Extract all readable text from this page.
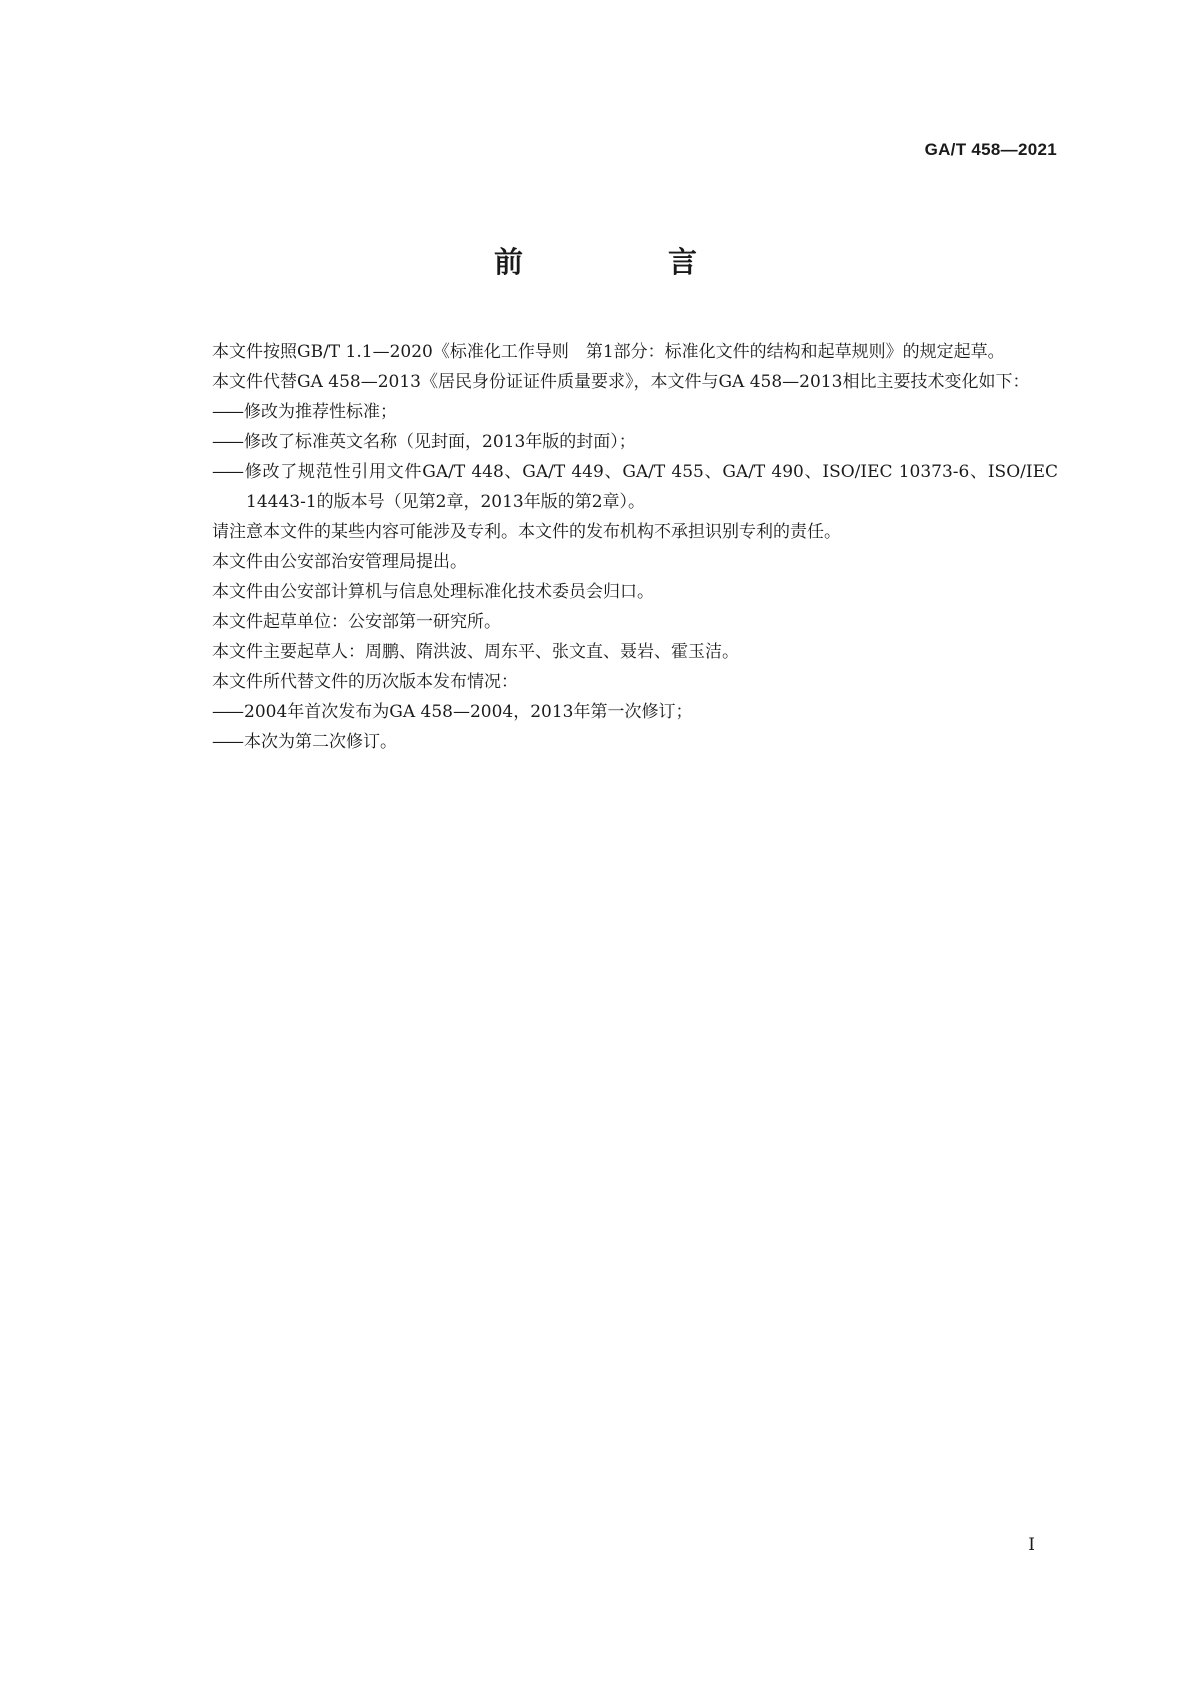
GA/T 458—2021
前　言

本文件按照GB/T 1.1—2020《标准化工作导则　第1部分：标准化文件的结构和起草规则》的规定起草。

本文件代替GA 458—2013《居民身份证证件质量要求》，本文件与GA 458—2013相比主要技术变化如下：

—— 修改为推荐性标准；

—— 修改了标准英文名称（见封面，2013年版的封面）；

—— 修改了规范性引用文件GA/T 448、GA/T 449、GA/T 455、GA/T 490、ISO/IEC 10373-6、ISO/IEC 14443-1的版本号（见第2章，2013年版的第2章）。

请注意本文件的某些内容可能涉及专利。本文件的发布机构不承担识别专利的责任。

本文件由公安部治安管理局提出。

本文件由公安部计算机与信息处理标准化技术委员会归口。

本文件起草单位：公安部第一研究所。

本文件主要起草人：周鹏、隋洪波、周东平、张文直、聂岩、霍玉洁。

本文件所代替文件的历次版本发布情况：

—— 2004年首次发布为GA 458—2004，2013年第一次修订；

—— 本次为第二次修订。

I
